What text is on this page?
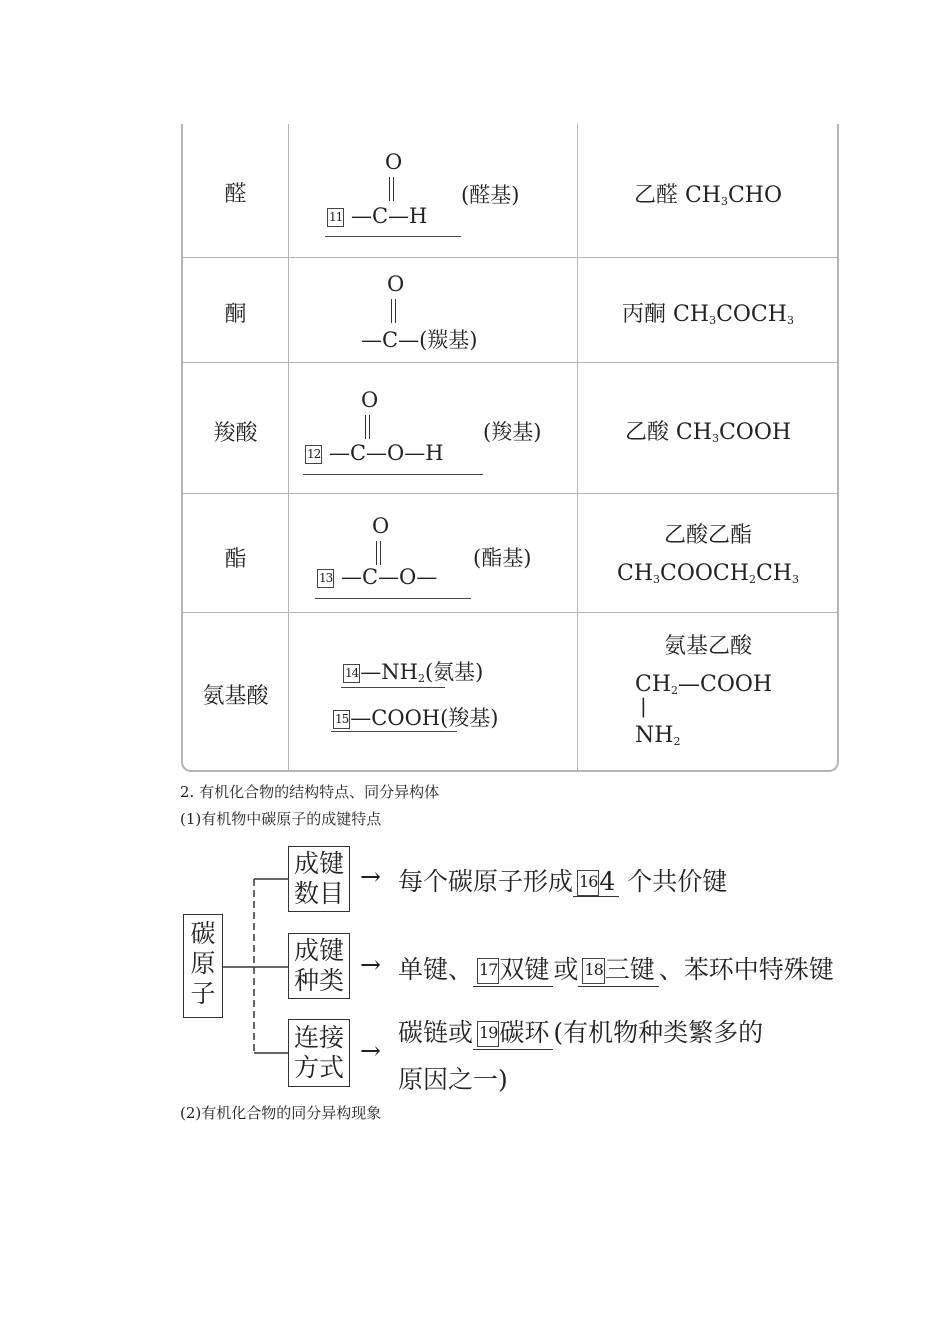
醛
O
11 —C—H
(醛基)	乙醛 $CH_3CHO$
酮
O
—C—(羰基)
丙酮 $CH_3COCH_3$
羧酸
O
12 —C—O—H
(羧基)	乙酸 $CH_3COOH$
酯
O
13 —C—O—
(酯基)
乙酸乙酯
$CH_3COOCH_2CH_3$
氨基酸
$14—NH_2$(氨基)
15—COOH(羧基)
氨基乙酸
$CH_2—COOH$
|
$NH_2$
2. 有机化合物的结构特点、同分异构体
(1)有机物中碳原子的成键特点
碳
原
子
成键
数目
→ 每个碳原子形成 164 个共价键
成键
种类
→ 单键、 17双键 或 18三键 、苯环中特殊键
连接
方式
→
碳链或 19碳环 (有机物种类繁多的
原因之一)
(2)有机化合物的同分异构现象
